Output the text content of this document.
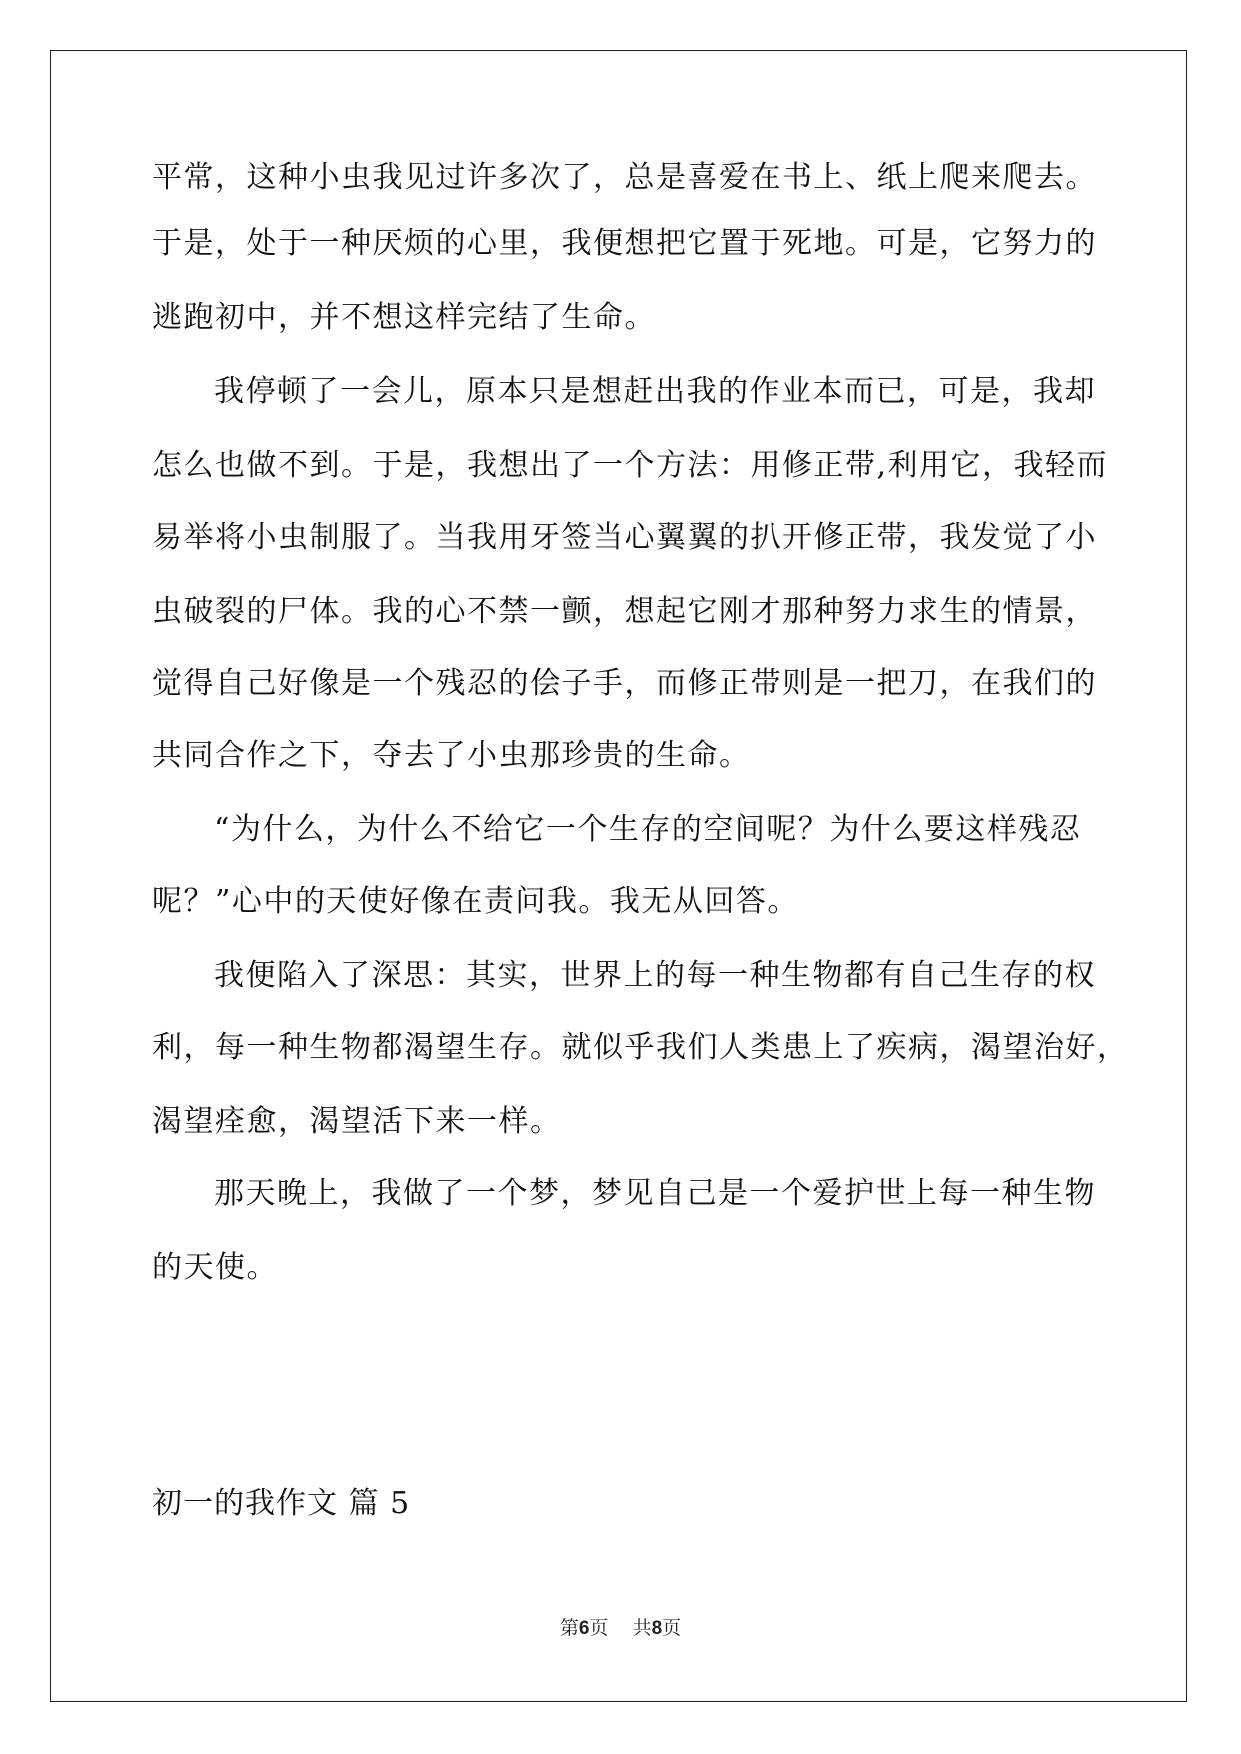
平常，这种小虫我见过许多次了，总是喜爱在书上、纸上爬来爬去。
于是，处于一种厌烦的心里，我便想把它置于死地。可是，它努力的
逃跑初中，并不想这样完结了生命。
我停顿了一会儿，原本只是想赶出我的作业本而已，可是，我却
怎么也做不到。于是，我想出了一个方法：用修正带,利用它，我轻而
易举将小虫制服了。当我用牙签当心翼翼的扒开修正带，我发觉了小
虫破裂的尸体。我的心不禁一颤，想起它刚才那种努力求生的情景，
觉得自己好像是一个残忍的侩子手，而修正带则是一把刀，在我们的
共同合作之下，夺去了小虫那珍贵的生命。
“为什么，为什么不给它一个生存的空间呢？为什么要这样残忍
呢？”心中的天使好像在责问我。我无从回答。
我便陷入了深思：其实，世界上的每一种生物都有自己生存的权
利，每一种生物都渴望生存。就似乎我们人类患上了疾病，渴望治好，
渴望痊愈，渴望活下来一样。
那天晚上，我做了一个梦，梦见自己是一个爱护世上每一种生物
的天使。
初一的我作文 篇 5
第6页    共8页
